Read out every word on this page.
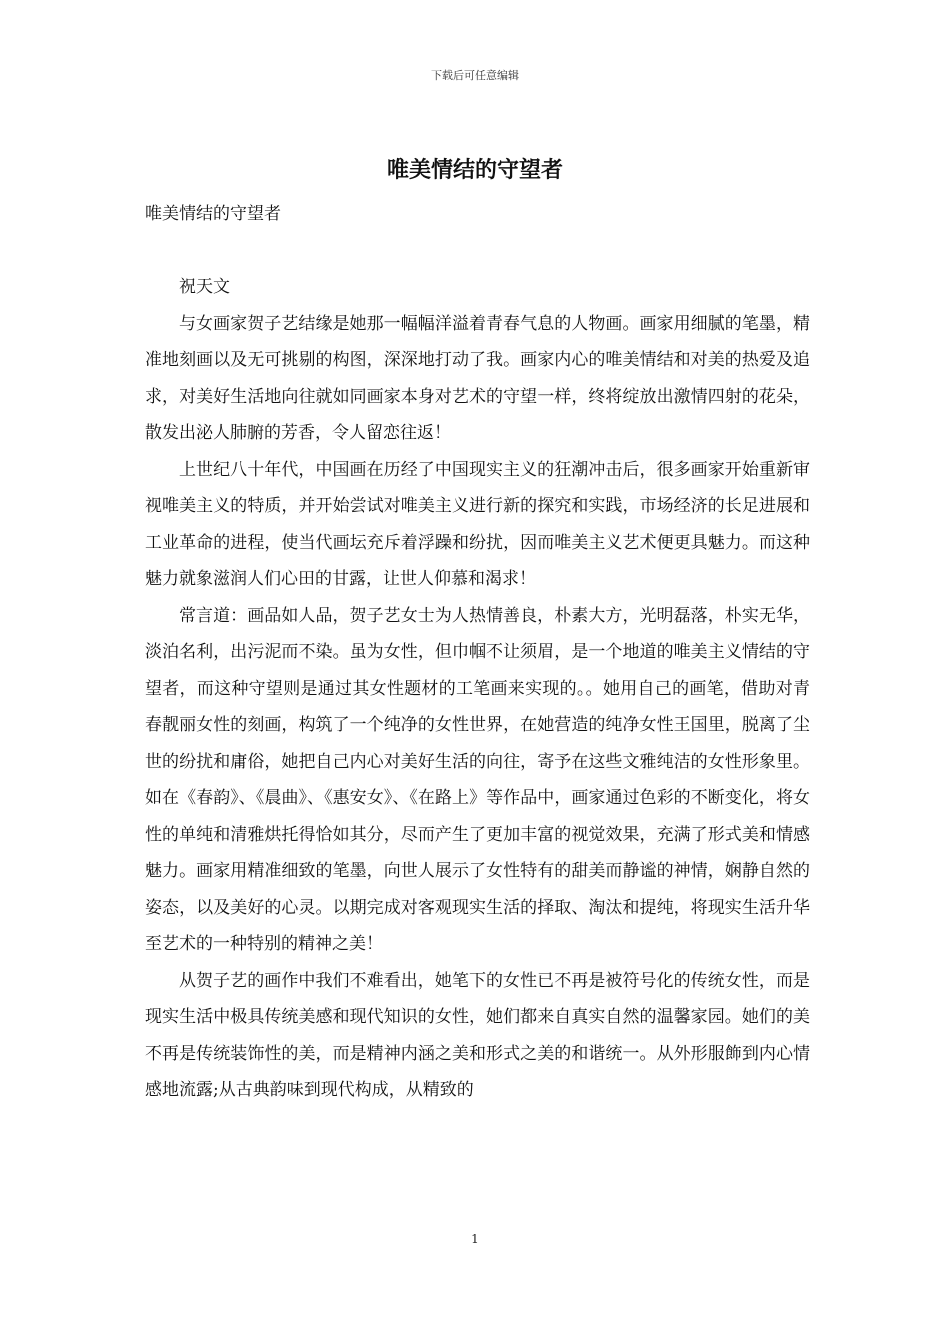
下载后可任意编辑
唯美情结的守望者

唯美情结的守望者

祝天文

与女画家贺子艺结缘是她那一幅幅洋溢着青春气息的人物画。画家用细腻的笔墨，精准地刻画以及无可挑剔的构图，深深地打动了我。画家内心的唯美情结和对美的热爱及追求，对美好生活地向往就如同画家本身对艺术的守望一样，终将绽放出激情四射的花朵，散发出泌人肺腑的芳香，令人留恋往返！

上世纪八十年代，中国画在历经了中国现实主义的狂潮冲击后，很多画家开始重新审视唯美主义的特质，并开始尝试对唯美主义进行新的探究和实践，市场经济的长足进展和工业革命的进程，使当代画坛充斥着浮躁和纷扰，因而唯美主义艺术便更具魅力。而这种魅力就象滋润人们心田的甘露，让世人仰慕和渴求！

常言道：画品如人品，贺子艺女士为人热情善良，朴素大方，光明磊落，朴实无华，淡泊名利，出污泥而不染。虽为女性，但巾帼不让须眉，是一个地道的唯美主义情结的守望者，而这种守望则是通过其女性题材的工笔画来实现的。。她用自己的画笔，借助对青春靓丽女性的刻画，构筑了一个纯净的女性世界，在她营造的纯净女性王国里，脱离了尘世的纷扰和庸俗，她把自己内心对美好生活的向往，寄予在这些文雅纯洁的女性形象里。如在《春韵》、《晨曲》、《惠安女》、《在路上》等作品中，画家通过色彩的不断变化，将女性的单纯和清雅烘托得恰如其分，尽而产生了更加丰富的视觉效果，充满了形式美和情感魅力。画家用精准细致的笔墨，向世人展示了女性特有的甜美而静谧的神情，娴静自然的姿态，以及美好的心灵。以期完成对客观现实生活的择取、淘汰和提纯，将现实生活升华至艺术的一种特别的精神之美！

从贺子艺的画作中我们不难看出，她笔下的女性已不再是被符号化的传统女性，而是现实生活中极具传统美感和现代知识的女性，她们都来自真实自然的温馨家园。她们的美不再是传统装饰性的美，而是精神内涵之美和形式之美的和谐统一。从外形服飾到内心情感地流露;从古典韵味到现代构成，从精致的

1
